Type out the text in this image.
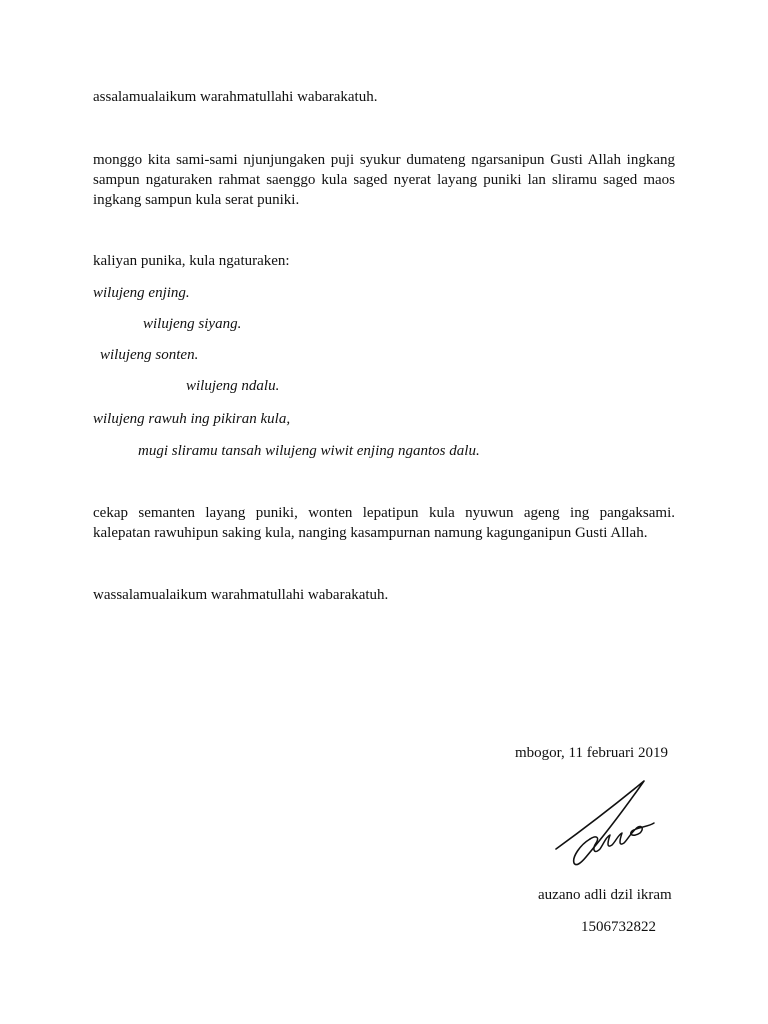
assalamualaikum warahmatullahi wabarakatuh.
monggo kita sami-sami njunjungaken puji syukur dumateng ngarsanipun Gusti Allah ingkang
sampun ngaturaken rahmat saenggo kula saged nyerat layang puniki lan sliramu saged maos
ingkang sampun kula serat puniki.
kaliyan punika, kula ngaturaken:
wilujeng enjing.
wilujeng siyang.
wilujeng sonten.
wilujeng ndalu.
wilujeng rawuh ing pikiran kula,
mugi sliramu tansah wilujeng wiwit enjing ngantos dalu.
cekap semanten layang puniki, wonten lepatipun kula nyuwun ageng ing pangaksami.
kalepatan rawuhipun saking kula, nanging kasampurnan namung kagunganipun Gusti Allah.
wassalamualaikum warahmatullahi wabarakatuh.
mbogor, 11 februari 2019
auzano adli dzil ikram
1506732822
